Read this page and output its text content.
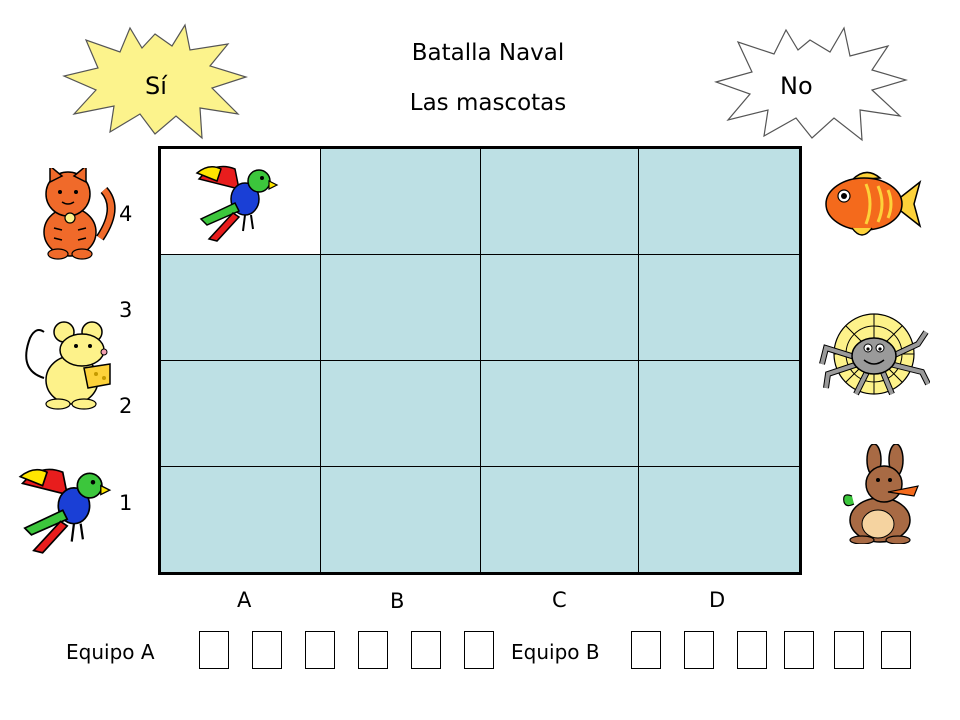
Batalla Naval
Las mascotas
Sí	No
4
3
2
1
A	B	C	D
Equipo A	Equipo B
